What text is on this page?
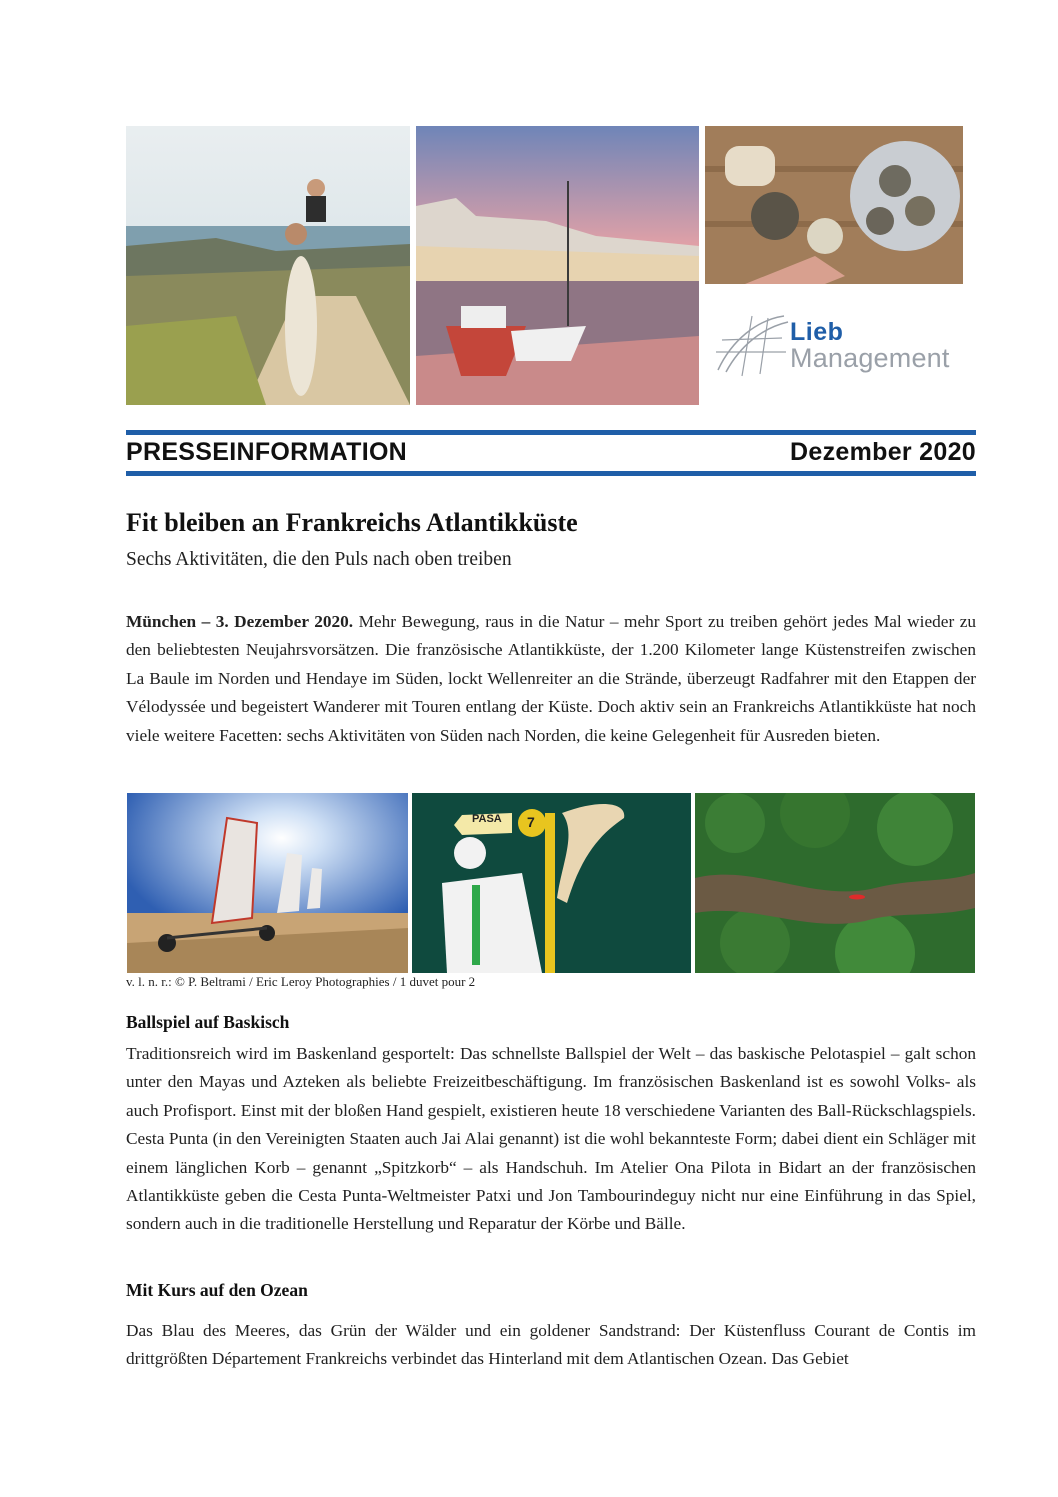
Lieb
Management
PRESSEINFORMATION	Dezember 2020
Fit bleiben an Frankreichs Atlantikküste
Sechs Aktivitäten, die den Puls nach oben treiben

München – 3. Dezember 2020. Mehr Bewegung, raus in die Natur – mehr Sport zu treiben gehört jedes Mal wieder zu den beliebtesten Neujahrsvorsätzen. Die französische Atlantikküste, der 1.200 Kilometer lange Küstenstreifen zwischen La Baule im Norden und Hendaye im Süden, lockt Wellenreiter an die Strände, überzeugt Radfahrer mit den Etappen der Vélodyssée und begeistert Wanderer mit Touren entlang der Küste. Doch aktiv sein an Frankreichs Atlantikküste hat noch viele weitere Facetten: sechs Aktivitäten von Süden nach Norden, die keine Gelegenheit für Ausreden bieten.

PASA 7
v. l. n. r.: © P. Beltrami / Eric Leroy Photographies / 1 duvet pour 2
Ballspiel auf Baskisch

Traditionsreich wird im Baskenland gesportelt: Das schnellste Ballspiel der Welt – das baskische Pelotaspiel – galt schon unter den Mayas und Azteken als beliebte Freizeitbeschäftigung. Im französischen Baskenland ist es sowohl Volks- als auch Profisport. Einst mit der bloßen Hand gespielt, existieren heute 18 verschiedene Varianten des Ball-Rückschlagspiels. Cesta Punta (in den Vereinigten Staaten auch Jai Alai genannt) ist die wohl bekannteste Form; dabei dient ein Schläger mit einem länglichen Korb – genannt „Spitzkorb“ – als Handschuh. Im Atelier Ona Pilota in Bidart an der französischen Atlantikküste geben die Cesta Punta-Weltmeister Patxi und Jon Tambourindeguy nicht nur eine Einführung in das Spiel, sondern auch in die traditionelle Herstellung und Reparatur der Körbe und Bälle.

Mit Kurs auf den Ozean

Das Blau des Meeres, das Grün der Wälder und ein goldener Sandstrand: Der Küstenfluss Courant de Contis im drittgrößten Département Frankreichs verbindet das Hinterland mit dem Atlantischen Ozean. Das Gebiet
